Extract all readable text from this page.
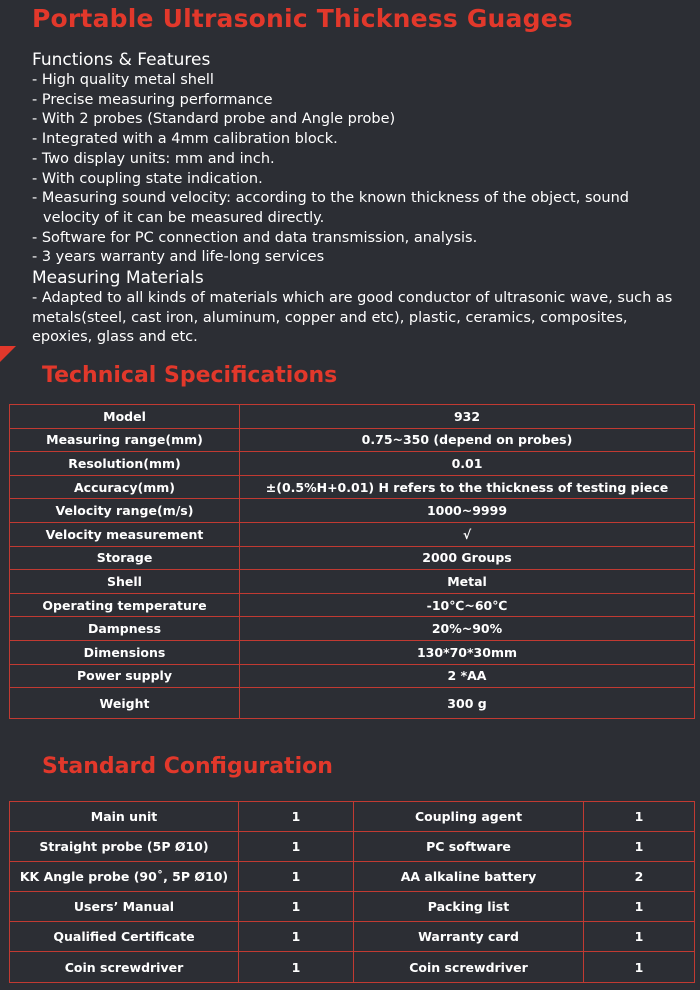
Portable Ultrasonic Thickness Guages
Functions & Features
- High quality metal shell
- Precise measuring performance
- With 2 probes (Standard probe and Angle probe)
- Integrated with a 4mm calibration block.
- Two display units: mm and inch.
- With coupling state indication.
- Measuring sound velocity: according to the known thickness of the object, sound
velocity of it can be measured directly.
- Software for PC connection and data transmission, analysis.
- 3 years warranty and life-long services
Measuring Materials
- Adapted to all kinds of materials which are good conductor of ultrasonic wave, such as metals(steel, cast iron, aluminum, copper and etc), plastic, ceramics, composites, epoxies, glass and etc.
Technical Specifications
Model	932
Measuring range(mm)	0.75~350 (depend on probes)
Resolution(mm)	0.01
Accuracy(mm)	±(0.5%H+0.01) H refers to the thickness of testing piece
Velocity range(m/s)	1000~9999
Velocity measurement	√
Storage	2000 Groups
Shell	Metal
Operating temperature	-10℃~60℃
Dampness	20%~90%
Dimensions	130*70*30mm
Power supply	2 *AA
Weight	300 g
Standard Configuration
Main unit	1	Coupling agent	1
Straight probe (5P Ø10)	1	PC software	1
KK Angle probe (90˚, 5P Ø10)	1	AA alkaline battery	2
Users’ Manual	1	Packing list	1
Qualified Certificate	1	Warranty card	1
Coin screwdriver	1	Coin screwdriver	1
